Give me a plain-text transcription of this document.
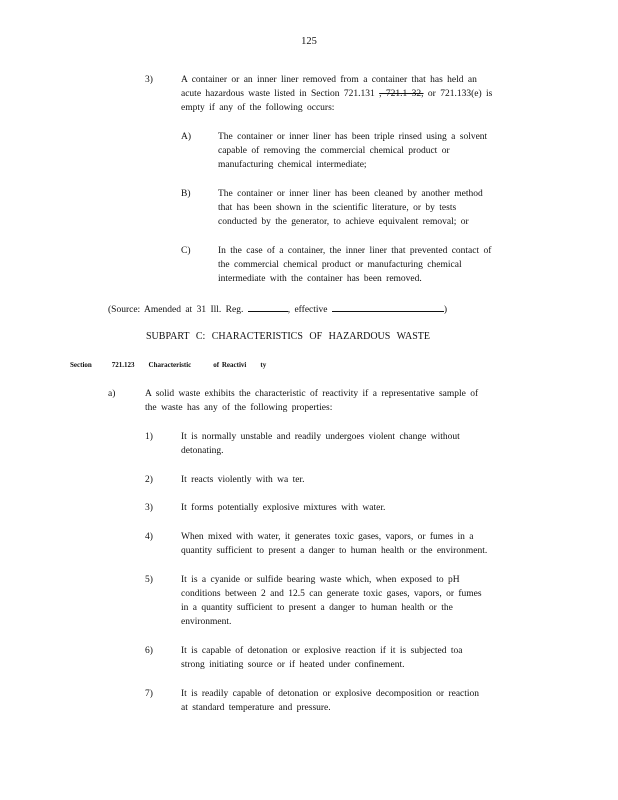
125
3)	A container or an inner liner removed from a container that has held an
acute hazardous waste listed in Section 721.131 , 721.1 32, or 721.133(e) is
empty if any of the following occurs:
A)	The container or inner liner has been triple rinsed using a solvent
capable of removing the commercial chemical product or
manufacturing chemical intermediate;
B)	The container or inner liner has been cleaned by another method
that has been shown in the scientific literature, or by tests
conducted by the generator, to achieve equivalent removal; or
C)	In the case of a container, the inner liner that prevented contact of
the commercial chemical product or manufacturing chemical
intermediate with the container has been removed.
(Source: Amended at 31 Ill. Reg.	, effective	)
SUBPART C: CHARACTERISTICS OF HAZARDOUS WASTE
Section	721.123 Characteristic	of Reactivi ty
a)	A solid waste exhibits the characteristic of reactivity if a representative sample of
the waste has any of the following properties:
1)	It is normally unstable and readily undergoes violent change without
detonating.
2)	It reacts violently with wa ter.
3)	It forms potentially explosive mixtures with water.
4)	When mixed with water, it generates toxic gases, vapors, or fumes in a
quantity sufficient to present a danger to human health or the environment.
5)	It is a cyanide or sulfide bearing waste which, when exposed to pH
conditions between 2 and 12.5 can generate toxic gases, vapors, or fumes
in a quantity sufficient to present a danger to human health or the
environment.
6)	It is capable of detonation or explosive reaction if it is subjected toa
strong initiating source or if heated under confinement.
7)	It is readily capable of detonation or explosive decomposition or reaction
at standard temperature and pressure.
